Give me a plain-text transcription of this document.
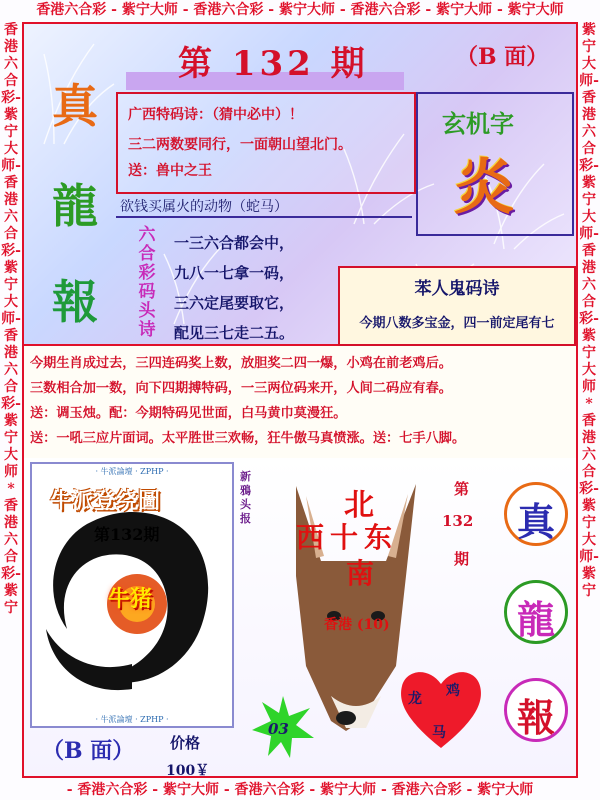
香港六合彩 - 紫宁大师 - 香港六合彩 - 紫宁大师 - 香港六合彩 - 紫宁大师 - 紫宁大师
- 香港六合彩 - 紫宁大师 - 香港六合彩 - 紫宁大师 - 香港六合彩 - 紫宁大师
香港六合彩-紫宁大师-香港六合彩-紫宁大师-香港六合彩-紫宁大师*香港六合彩-紫宁
紫宁大师-香港六合彩-紫宁大师-香港六合彩-紫宁大师*香港六合彩-紫宁大师-紫宁
第 132 期	（B 面）
真
龍
報
广西特码诗：（猜中必中）！
三二两数要同行，一面朝山望北门。
送：兽中之王
玄机字
炎
欲钱买属火的动物（蛇马）
六合彩码头诗
一三六合都会中，
九八一七拿一码，
三六定尾要取它，
配见三七走二五。
苯人鬼码诗
今期八数多宝金，四一前定尾有七
今期生肖成过去，三四连码奖上数，放胆奖二四一爆，小鸡在前老鸡后。
三数相合加一数，向下四期搏特码，一三两位码来开，人间二码应有春。
送：调玉烛。配：今期特码见世面，白马黄巾莫漫狂。
送：一吼三应片面词。太平胜世三欢畅，狂牛傲马真愤涨。送：七手八脚。
· 牛派論壇 · ZPHP ·
· 牛派論壇 · ZPHP ·
牛派登绕圖
第132期
牛猪
（B 面） 价格
100￥
新鴉头报	北
西十东
南
香港 (10)
第
132
期
03
龙 鸡
马
真
龍
報
